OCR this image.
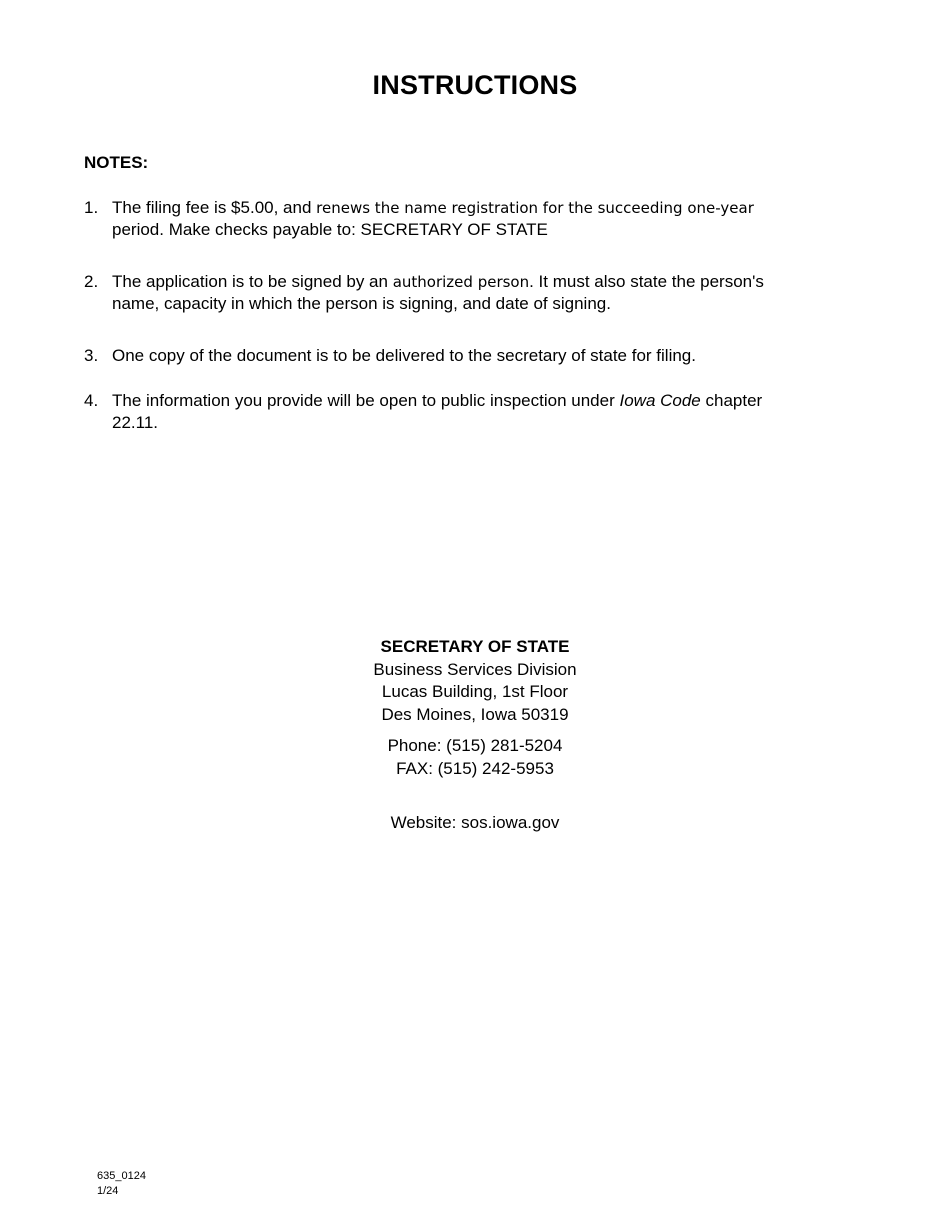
INSTRUCTIONS
NOTES:
1. The filing fee is $5.00, and renews the name registration for the succeeding one-year
period. Make checks payable to: SECRETARY OF STATE
2. The application is to be signed by an authorized person. It must also state the person's
name, capacity in which the person is signing, and date of signing.
3. One copy of the document is to be delivered to the secretary of state for filing.
4. The information you provide will be open to public inspection under Iowa Code chapter
22.11.
SECRETARY OF STATE
Business Services Division
Lucas Building, 1st Floor
Des Moines, Iowa 50319
Phone: (515) 281-5204
FAX: (515) 242-5953
Website: sos.iowa.gov
635_0124
1/24
